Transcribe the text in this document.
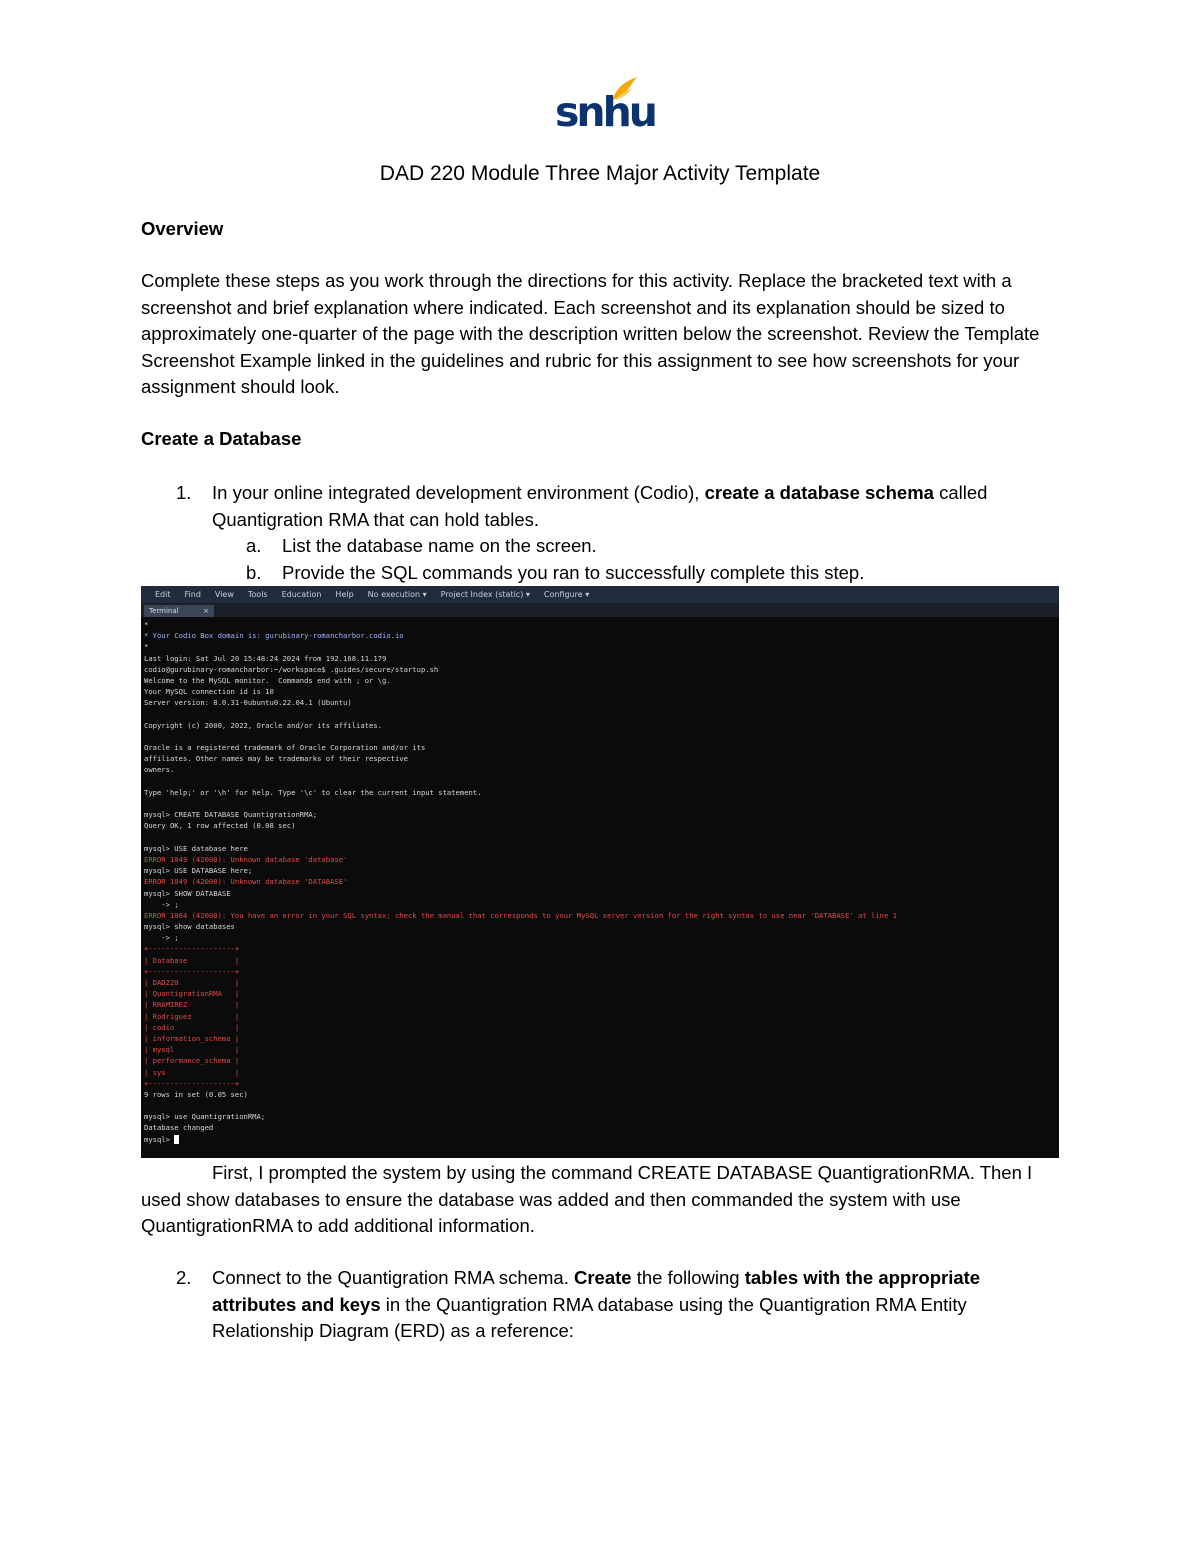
snhu
DAD 220 Module Three Major Activity Template
Overview

Complete these steps as you work through the directions for this activity. Replace the bracketed text with a screenshot and brief explanation where indicated. Each screenshot and its explanation should be sized to approximately one-quarter of the page with the description written below the screenshot. Review the Template Screenshot Example linked in the guidelines and rubric for this assignment to see how screenshots for your assignment should look.

Create a Database
1. In your online integrated development environment (Codio), create a database schema called Quantigration RMA that can hold tables.
a. List the database name on the screen.
b. Provide the SQL commands you ran to successfully complete this step.
Edit Find View Tools Education Help No execution ▾ Project Index (static) ▾ Configure ▾
Terminal	×
*
* Your Codio Box domain is: gurubinary-romancharbor.codio.io
*
Last login: Sat Jul 20 15:48:24 2024 from 192.168.11.179
codio@gurubinary-romancharbor:~/workspace$ .guides/secure/startup.sh
Welcome to the MySQL monitor.  Commands end with ; or \g.
Your MySQL connection id is 10
Server version: 8.0.31-0ubuntu0.22.04.1 (Ubuntu)
Copyright (c) 2000, 2022, Oracle and/or its affiliates.
Oracle is a registered trademark of Oracle Corporation and/or its
affiliates. Other names may be trademarks of their respective
owners.
Type 'help;' or '\h' for help. Type '\c' to clear the current input statement.
mysql> CREATE DATABASE QuantigrationRMA;
Query OK, 1 row affected (0.08 sec)
mysql> USE database here
ERROR 1049 (42000): Unknown database 'database'
mysql> USE DATABASE here;
ERROR 1049 (42000): Unknown database 'DATABASE'
mysql> SHOW DATABASE
-> ;
ERROR 1064 (42000): You have an error in your SQL syntax; check the manual that corresponds to your MySQL server version for the right syntax to use near 'DATABASE' at line 1
mysql> show databases
-> ;
+--------------------+
| Database           |
+--------------------+
| DAD220             |
| QuantigrationRMA   |
| RRAMIREZ           |
| Rodriguez          |
| codio              |
| information_schema |
| mysql              |
| performance_schema |
| sys                |
+--------------------+
9 rows in set (0.05 sec)
mysql> use QuantigrationRMA;
Database changed
mysql>

First, I prompted the system by using the command CREATE DATABASE QuantigrationRMA. Then I used show databases to ensure the database was added and then commanded the system with use QuantigrationRMA to add additional information.

2. Connect to the Quantigration RMA schema. Create the following tables with the appropriate attributes and keys in the Quantigration RMA database using the Quantigration RMA Entity Relationship Diagram (ERD) as a reference:
